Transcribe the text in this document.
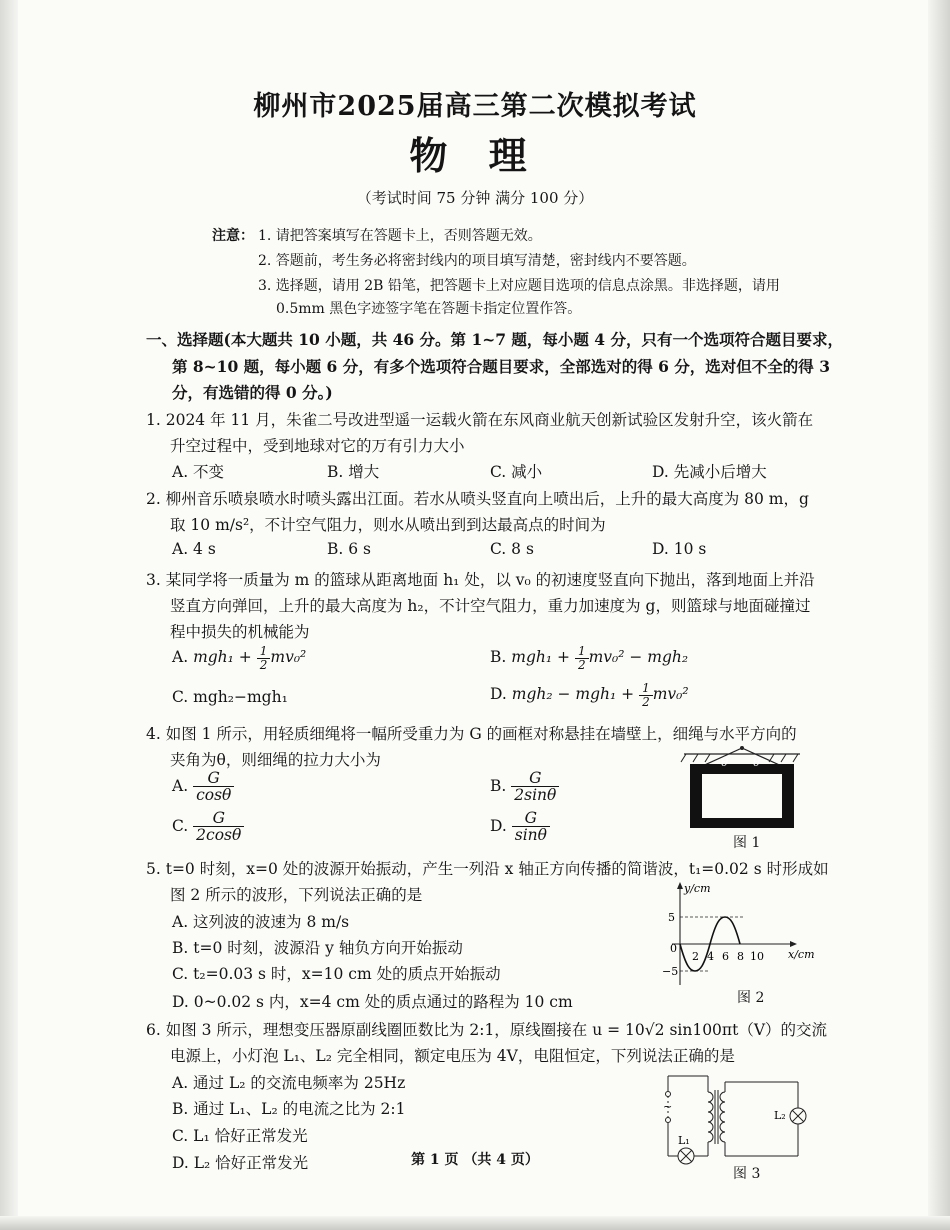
柳州市2025届高三第二次模拟考试
物 理
（考试时间 75 分钟 满分 100 分）
注意： 1. 请把答案填写在答题卡上，否则答题无效。
2. 答题前，考生务必将密封线内的项目填写清楚，密封线内不要答题。
3. 选择题，请用 2B 铅笔，把答题卡上对应题目选项的信息点涂黑。非选择题，请用
0.5mm 黑色字迹签字笔在答题卡指定位置作答。
一、选择题(本大题共 10 小题，共 46 分。第 1~7 题，每小题 4 分，只有一个选项符合题目要求，
第 8~10 题，每小题 6 分，有多个选项符合题目要求，全部选对的得 6 分，选对但不全的得 3
分，有选错的得 0 分。)
1. 2024 年 11 月，朱雀二号改进型遥一运载火箭在东风商业航天创新试验区发射升空，该火箭在
升空过程中，受到地球对它的万有引力大小
A. 不变	B. 增大	C. 减小	D. 先减小后增大
2. 柳州音乐喷泉喷水时喷头露出江面。若水从喷头竖直向上喷出后，上升的最大高度为 80 m，g
取 10 m/s²，不计空气阻力，则水从喷出到到达最高点的时间为
A. 4 s	B. 6 s	C. 8 s	D. 10 s
3. 某同学将一质量为 m 的篮球从距离地面 h₁ 处，以 v₀ 的初速度竖直向下抛出，落到地面上并沿
竖直方向弹回，上升的最大高度为 h₂，不计空气阻力，重力加速度为 g，则篮球与地面碰撞过
程中损失的机械能为
A. $mgh_1 + \frac{1}{2} mv_0^2$	B. $mgh_1 + \frac{1}{2} mv_0^2 - mgh_2$
C. mgh₂−mgh₁	D. $mgh_2 - mgh_1 + \frac{1}{2} mv_0^2$
4. 如图 1 所示，用轻质细绳将一幅所受重力为 G 的画框对称悬挂在墙壁上，细绳与水平方向的
夹角为θ，则细绳的拉力大小为
A. $\frac{G}{\cos\theta}$	B. $\frac{G}{2\sin\theta}$
C. $\frac{G}{2\cos\theta}$	D. $\frac{G}{\sin\theta}$
θ θ
图 1
5. t=0 时刻，x=0 处的波源开始振动，产生一列沿 x 轴正方向传播的简谐波，t₁=0.02 s 时形成如
图 2 所示的波形，下列说法正确的是
A. 这列波的波速为 8 m/s
B. t=0 时刻，波源沿 y 轴负方向开始振动
C. t₂=0.03 s 时，x=10 cm 处的质点开始振动
D. 0~0.02 s 内，x=4 cm 处的质点通过的路程为 10 cm
y/cm
x/cm
5
−5
0
2 4 6 8 10
图 2
6. 如图 3 所示，理想变压器原副线圈匝数比为 2:1，原线圈接在 u = 10√2 sin100πt（V）的交流
电源上，小灯泡 L₁、L₂ 完全相同，额定电压为 4V，电阻恒定，下列说法正确的是
A. 通过 L₂ 的交流电频率为 25Hz
B. 通过 L₁、L₂ 的电流之比为 2:1
C. L₁ 恰好正常发光
D. L₂ 恰好正常发光
~
L₁
L₂
图 3
第 1 页 （共 4 页）
